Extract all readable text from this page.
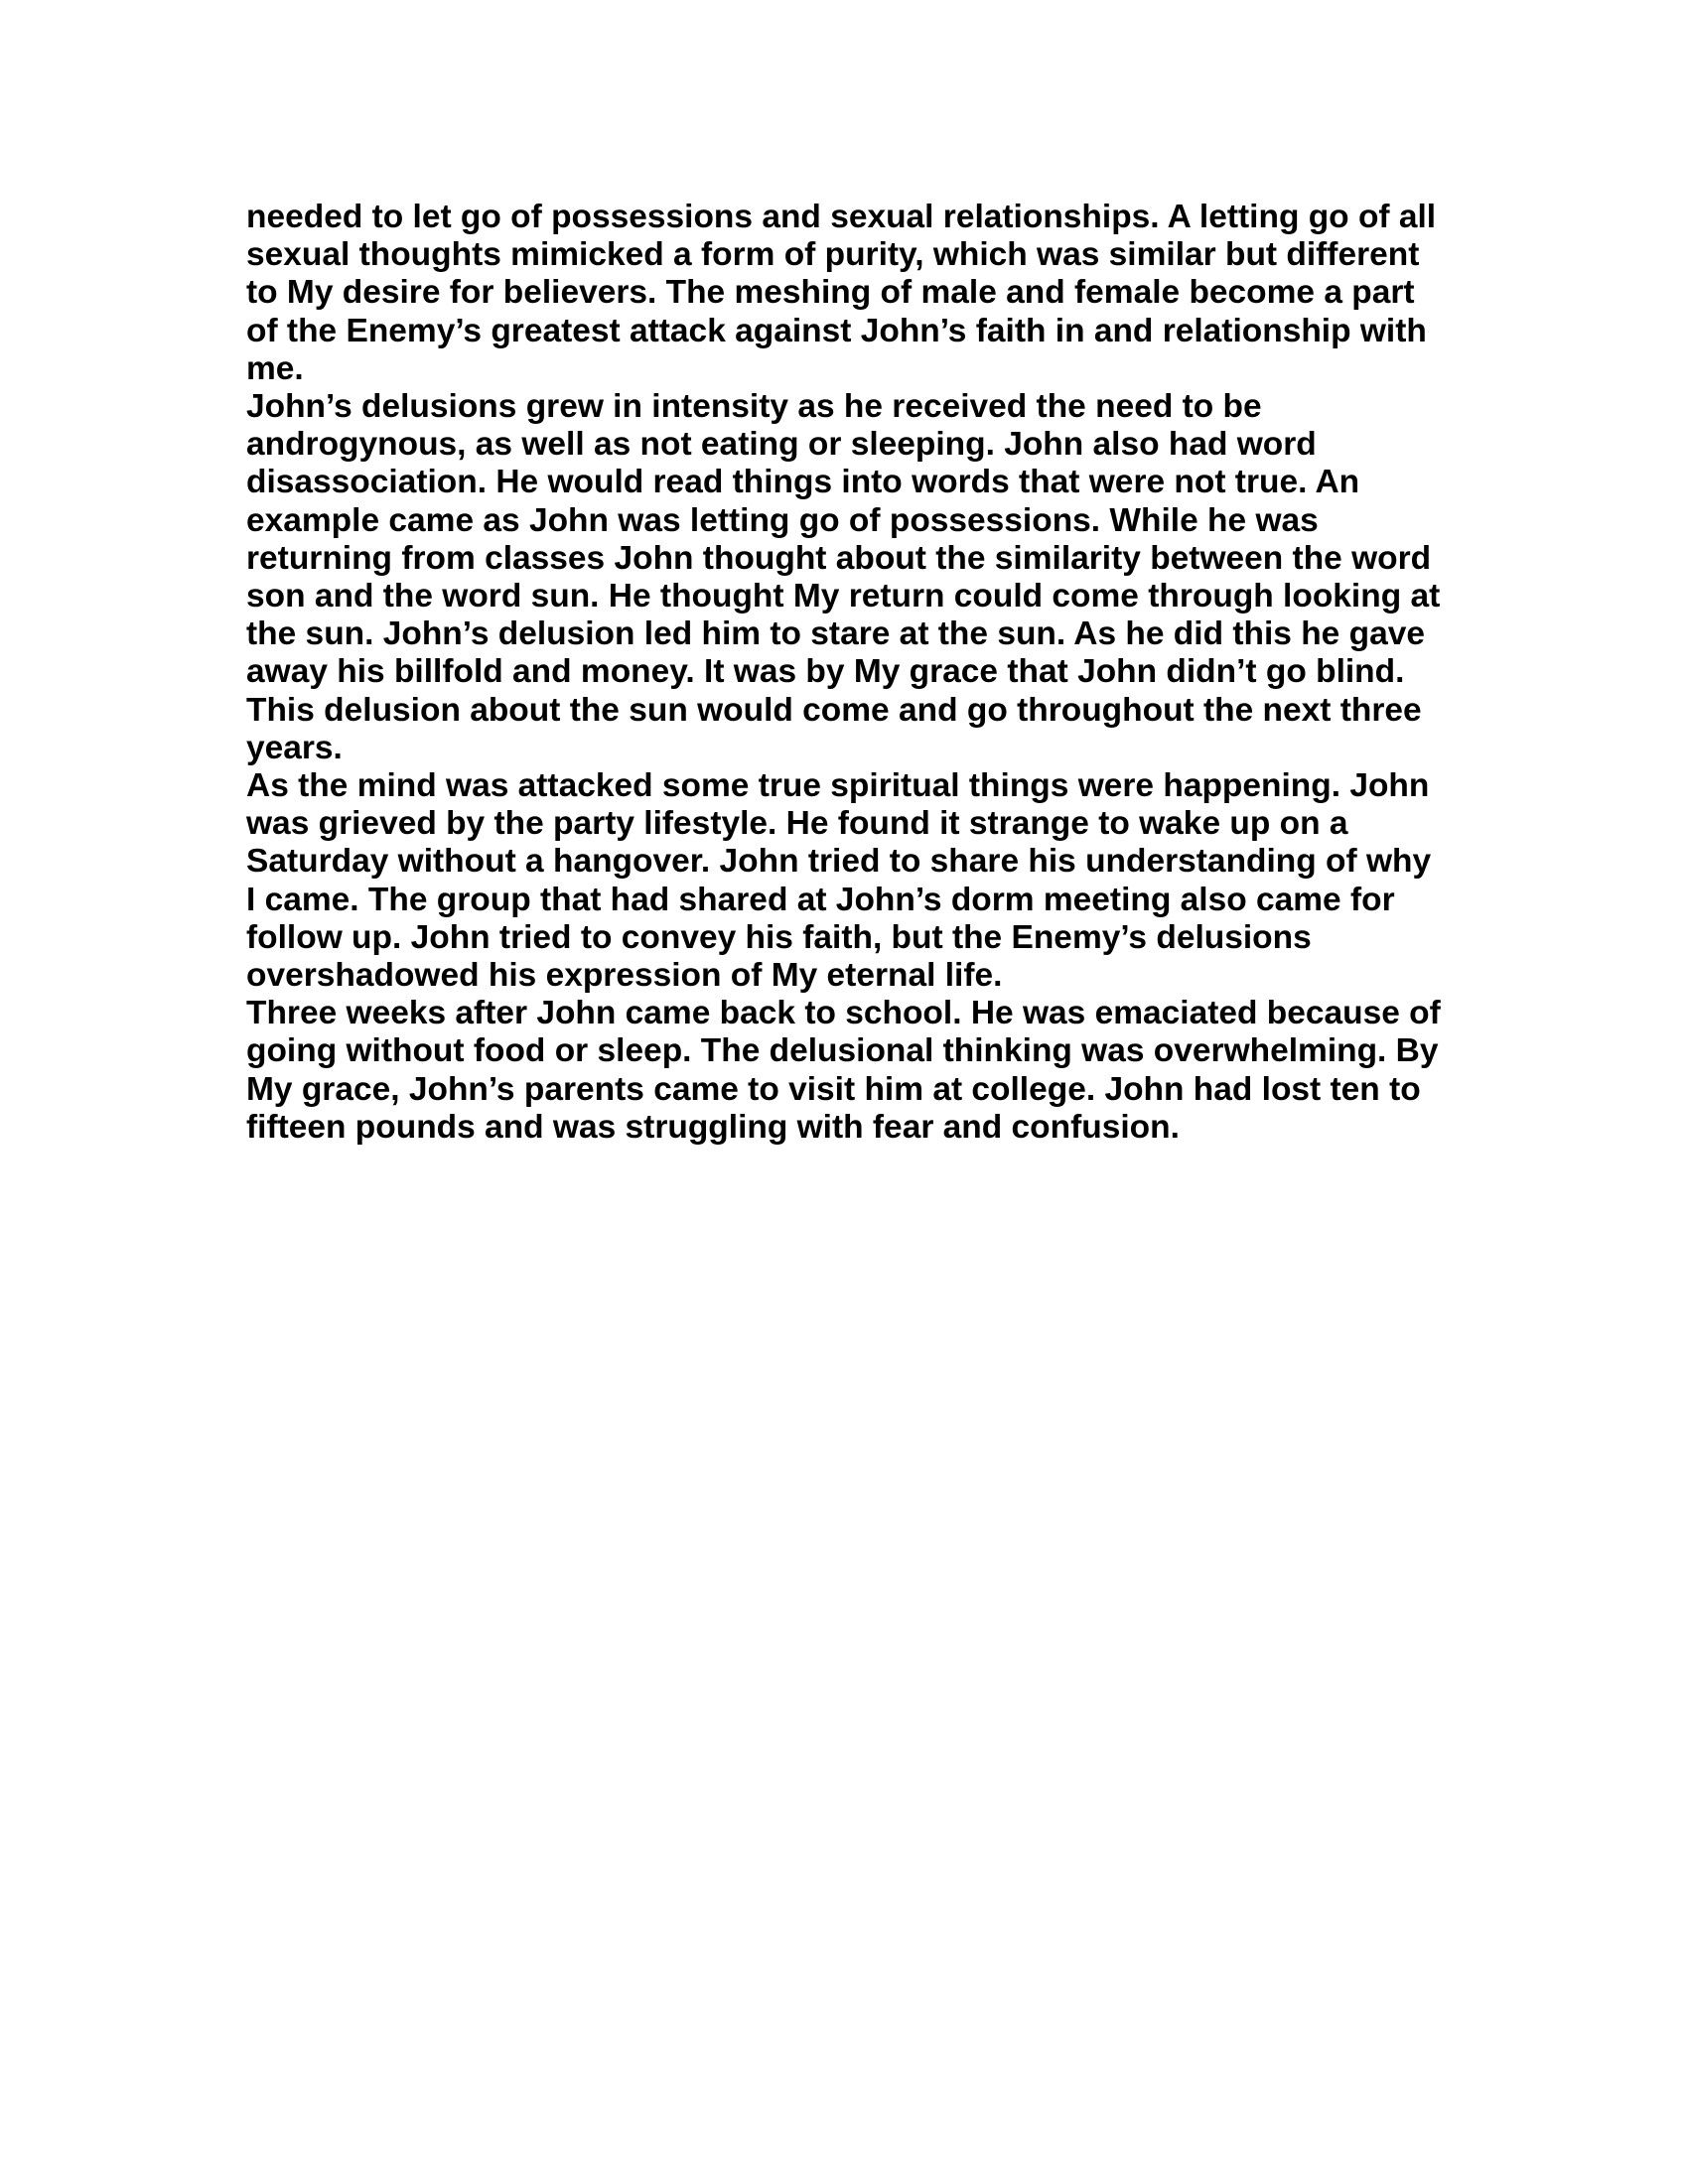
needed to let go of possessions and sexual relationships. A letting go of all
sexual thoughts mimicked a form of purity, which was similar but different
to My desire for believers. The meshing of male and female become a part
of the Enemy’s greatest attack against John’s faith in and relationship with
me.
John’s delusions grew in intensity as he received the need to be
androgynous, as well as not eating or sleeping. John also had word
disassociation. He would read things into words that were not true. An
example came as John was letting go of possessions. While he was
returning from classes John thought about the similarity between the word
son and the word sun. He thought My return could come through looking at
the sun. John’s delusion led him to stare at the sun. As he did this he gave
away his billfold and money. It was by My grace that John didn’t go blind.
This delusion about the sun would come and go throughout the next three
years.
As the mind was attacked some true spiritual things were happening. John
was grieved by the party lifestyle. He found it strange to wake up on a
Saturday without a hangover. John tried to share his understanding of why
I came. The group that had shared at John’s dorm meeting also came for
follow up. John tried to convey his faith, but the Enemy’s delusions
overshadowed his expression of My eternal life.
Three weeks after John came back to school. He was emaciated because of
going without food or sleep. The delusional thinking was overwhelming. By
My grace, John’s parents came to visit him at college. John had lost ten to
fifteen pounds and was struggling with fear and confusion.
